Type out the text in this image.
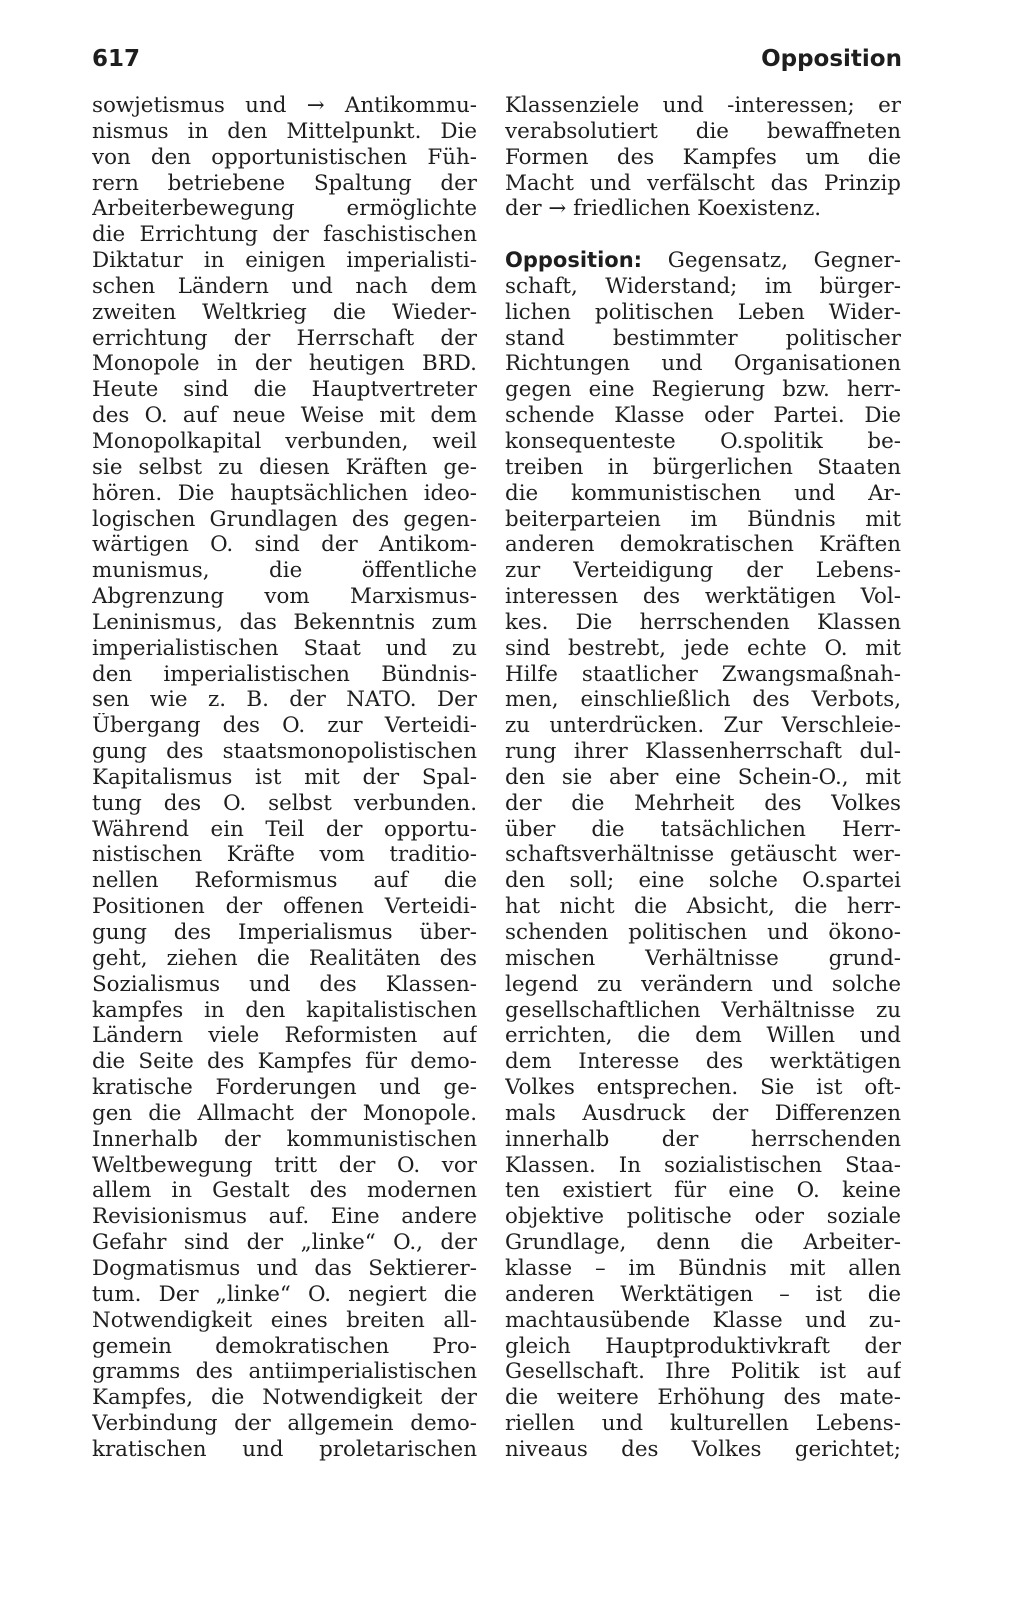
617	Opposition
sowjetismus und → Antikommu-
nismus in den Mittelpunkt. Die
von den opportunistischen Füh-
rern betriebene Spaltung der
Arbeiterbewegung ermöglichte
die Errichtung der faschistischen
Diktatur in einigen imperialisti-
schen Ländern und nach dem
zweiten Weltkrieg die Wieder-
errichtung der Herrschaft der
Monopole in der heutigen BRD.
Heute sind die Hauptvertreter
des O. auf neue Weise mit dem
Monopolkapital verbunden, weil
sie selbst zu diesen Kräften ge-
hören. Die hauptsächlichen ideo-
logischen Grundlagen des gegen-
wärtigen O. sind der Antikom-
munismus, die öffentliche
Abgrenzung vom Marxismus-
Leninismus, das Bekenntnis zum
imperialistischen Staat und zu
den imperialistischen Bündnis-
sen wie z. B. der NATO. Der
Übergang des O. zur Verteidi-
gung des staatsmonopolistischen
Kapitalismus ist mit der Spal-
tung des O. selbst verbunden.
Während ein Teil der opportu-
nistischen Kräfte vom traditio-
nellen Reformismus auf die
Positionen der offenen Verteidi-
gung des Imperialismus über-
geht, ziehen die Realitäten des
Sozialismus und des Klassen-
kampfes in den kapitalistischen
Ländern viele Reformisten auf
die Seite des Kampfes für demo-
kratische Forderungen und ge-
gen die Allmacht der Monopole.
Innerhalb der kommunistischen
Weltbewegung tritt der O. vor
allem in Gestalt des modernen
Revisionismus auf. Eine andere
Gefahr sind der „linke“ O., der
Dogmatismus und das Sektierer-
tum. Der „linke“ O. negiert die
Notwendigkeit eines breiten all-
gemein demokratischen Pro-
gramms des antiimperialistischen
Kampfes, die Notwendigkeit der
Verbindung der allgemein demo-
kratischen und proletarischen
Klassenziele und -interessen; er
verabsolutiert die bewaffneten
Formen des Kampfes um die
Macht und verfälscht das Prinzip
der → friedlichen Koexistenz.
Opposition: Gegensatz, Gegner-
schaft, Widerstand; im bürger-
lichen politischen Leben Wider-
stand bestimmter politischer
Richtungen und Organisationen
gegen eine Regierung bzw. herr-
schende Klasse oder Partei. Die
konsequenteste O.spolitik be-
treiben in bürgerlichen Staaten
die kommunistischen und Ar-
beiterparteien im Bündnis mit
anderen demokratischen Kräften
zur Verteidigung der Lebens-
interessen des werktätigen Vol-
kes. Die herrschenden Klassen
sind bestrebt, jede echte O. mit
Hilfe staatlicher Zwangsmaßnah-
men, einschließlich des Verbots,
zu unterdrücken. Zur Verschleie-
rung ihrer Klassenherrschaft dul-
den sie aber eine Schein-O., mit
der die Mehrheit des Volkes
über die tatsächlichen Herr-
schaftsverhältnisse getäuscht wer-
den soll; eine solche O.spartei
hat nicht die Absicht, die herr-
schenden politischen und ökono-
mischen Verhältnisse grund-
legend zu verändern und solche
gesellschaftlichen Verhältnisse zu
errichten, die dem Willen und
dem Interesse des werktätigen
Volkes entsprechen. Sie ist oft-
mals Ausdruck der Differenzen
innerhalb der herrschenden
Klassen. In sozialistischen Staa-
ten existiert für eine O. keine
objektive politische oder soziale
Grundlage, denn die Arbeiter-
klasse – im Bündnis mit allen
anderen Werktätigen – ist die
machtausübende Klasse und zu-
gleich Hauptproduktivkraft der
Gesellschaft. Ihre Politik ist auf
die weitere Erhöhung des mate-
riellen und kulturellen Lebens-
niveaus des Volkes gerichtet;
